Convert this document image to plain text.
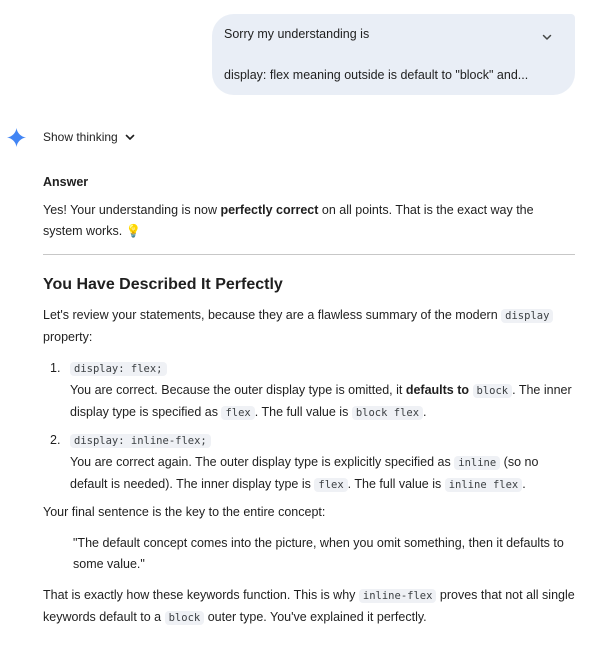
Sorry my understanding is
display: flex meaning outside is default to "block" and...
Show thinking
Answer

Yes! Your understanding is now perfectly correct on all points. That is the exact way the system works. 💡

You Have Described It Perfectly

Let's review your statements, because they are a flawless summary of the modern display property:

1. display: flex;
You are correct. Because the outer display type is omitted, it defaults to block . The inner display type is specified as flex . The full value is block flex .
2. display: inline-flex;
You are correct again. The outer display type is explicitly specified as inline (so no default is needed). The inner display type is flex . The full value is inline flex .

Your final sentence is the key to the entire concept:

"The default concept comes into the picture, when you omit something, then it defaults to some value."

That is exactly how these keywords function. This is why inline-flex proves that not all single keywords default to a block outer type. You've explained it perfectly.
